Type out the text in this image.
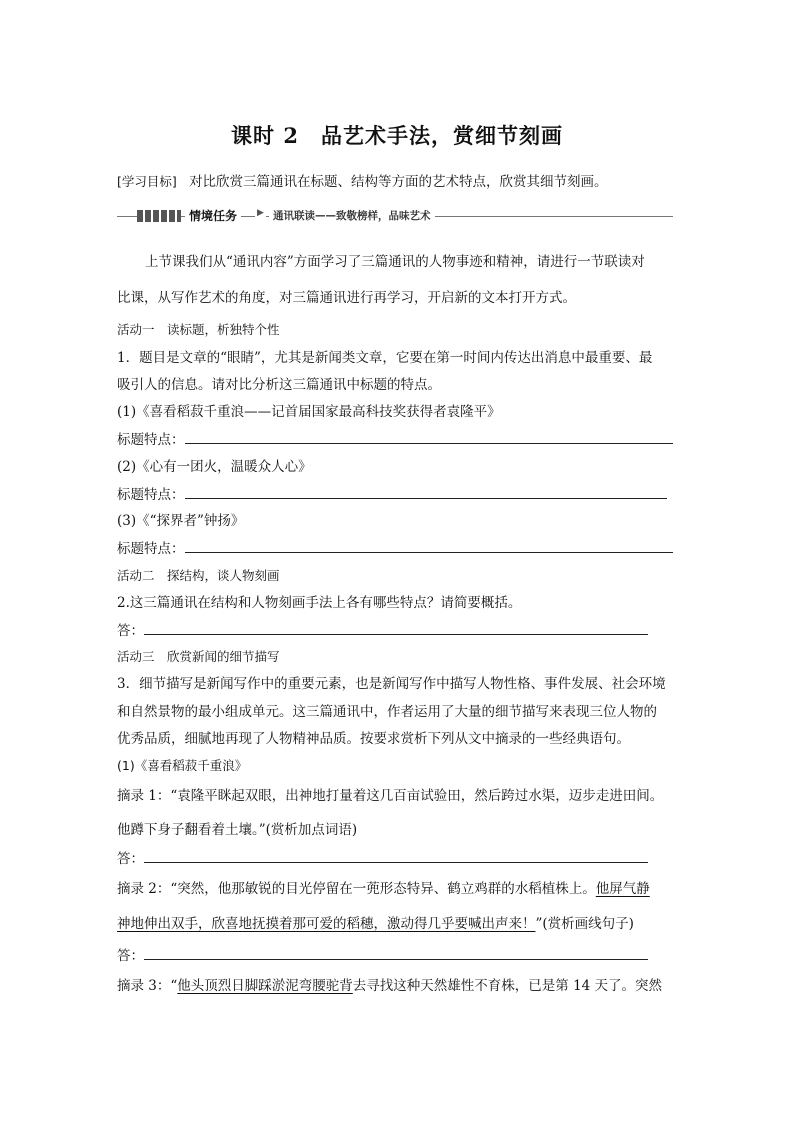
课时 2　品艺术手法，赏细节刻画
[学习目标] 对比欣赏三篇通讯在标题、结构等方面的艺术特点，欣赏其细节刻画。
情境任务	▶ 通讯联读——致敬榜样，品味艺术
上节课我们从“通讯内容”方面学习了三篇通讯的人物事迹和精神，请进行一节联读对
比课，从写作艺术的角度，对三篇通讯进行再学习，开启新的文本打开方式。
活动一　读标题，析独特个性
1．题目是文章的“眼睛”，尤其是新闻类文章，它要在第一时间内传达出消息中最重要、最
吸引人的信息。请对比分析这三篇通讯中标题的特点。
(1)《喜看稻菽千重浪——记首届国家最高科技奖获得者袁隆平》
标题特点：
(2)《心有一团火，温暖众人心》
标题特点：
(3)《“探界者”钟扬》
标题特点：
活动二　探结构，谈人物刻画
2.这三篇通讯在结构和人物刻画手法上各有哪些特点？请简要概括。
答：
活动三　欣赏新闻的细节描写
3．细节描写是新闻写作中的重要元素，也是新闻写作中描写人物性格、事件发展、社会环境
和自然景物的最小组成单元。这三篇通讯中，作者运用了大量的细节描写来表现三位人物的
优秀品质，细腻地再现了人物精神品质。按要求赏析下列从文中摘录的一些经典语句。
(1)《喜看稻菽千重浪》
摘录 1：“袁隆平眯起双眼，出神地打量着这几百亩试验田，然后跨过水渠，迈步走进田间。
他蹲下身子翻看着土壤。”(赏析加点词语)
答：
摘录 2：“突然，他那敏锐的目光停留在一蔸形态特异、鹤立鸡群的水稻植株上。他屏气静
神地伸出双手，欣喜地抚摸着那可爱的稻穗，激动得几乎要喊出声来！”(赏析画线句子)
答：
摘录 3：“他头顶烈日脚踩淤泥弯腰驼背去寻找这种天然雄性不育株，已是第 14 天了。突然
